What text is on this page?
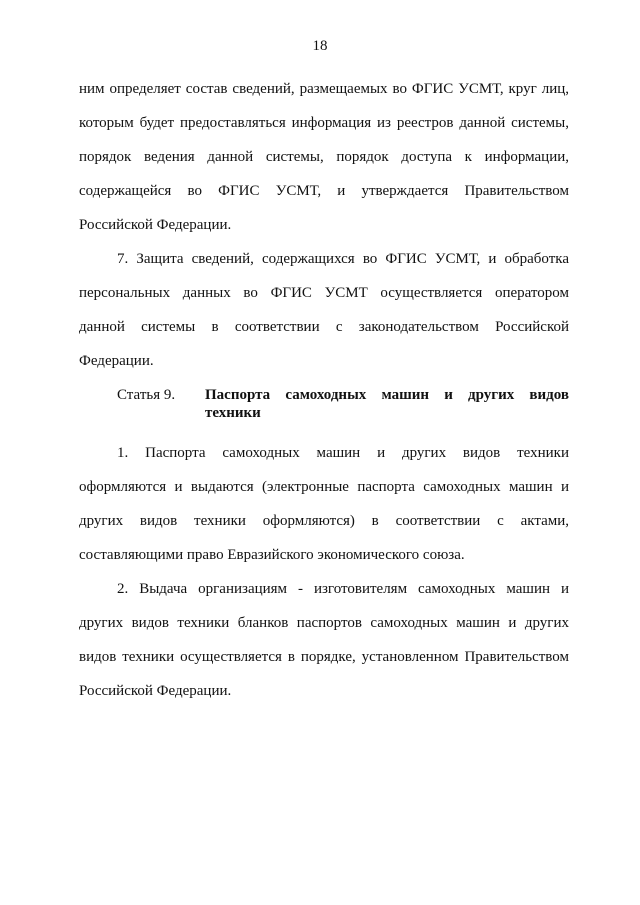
18
ним определяет состав сведений, размещаемых во ФГИС УСМТ, круг лиц,
которым будет предоставляться информация из реестров данной системы,
порядок ведения данной системы, порядок доступа к информации,
содержащейся во ФГИС УСМТ, и утверждается Правительством
Российской Федерации.
7. Защита сведений, содержащихся во ФГИС УСМТ, и обработка
персональных данных во ФГИС УСМТ осуществляется оператором
данной системы в соответствии с законодательством Российской
Федерации.
Статья 9.	Паспорта самоходных машин и других видов
техники
1. Паспорта самоходных машин и других видов техники
оформляются и выдаются (электронные паспорта самоходных машин и
других видов техники оформляются) в соответствии с актами,
составляющими право Евразийского экономического союза.
2. Выдача организациям - изготовителям самоходных машин и
других видов техники бланков паспортов самоходных машин и других
видов техники осуществляется в порядке, установленном Правительством
Российской Федерации.
